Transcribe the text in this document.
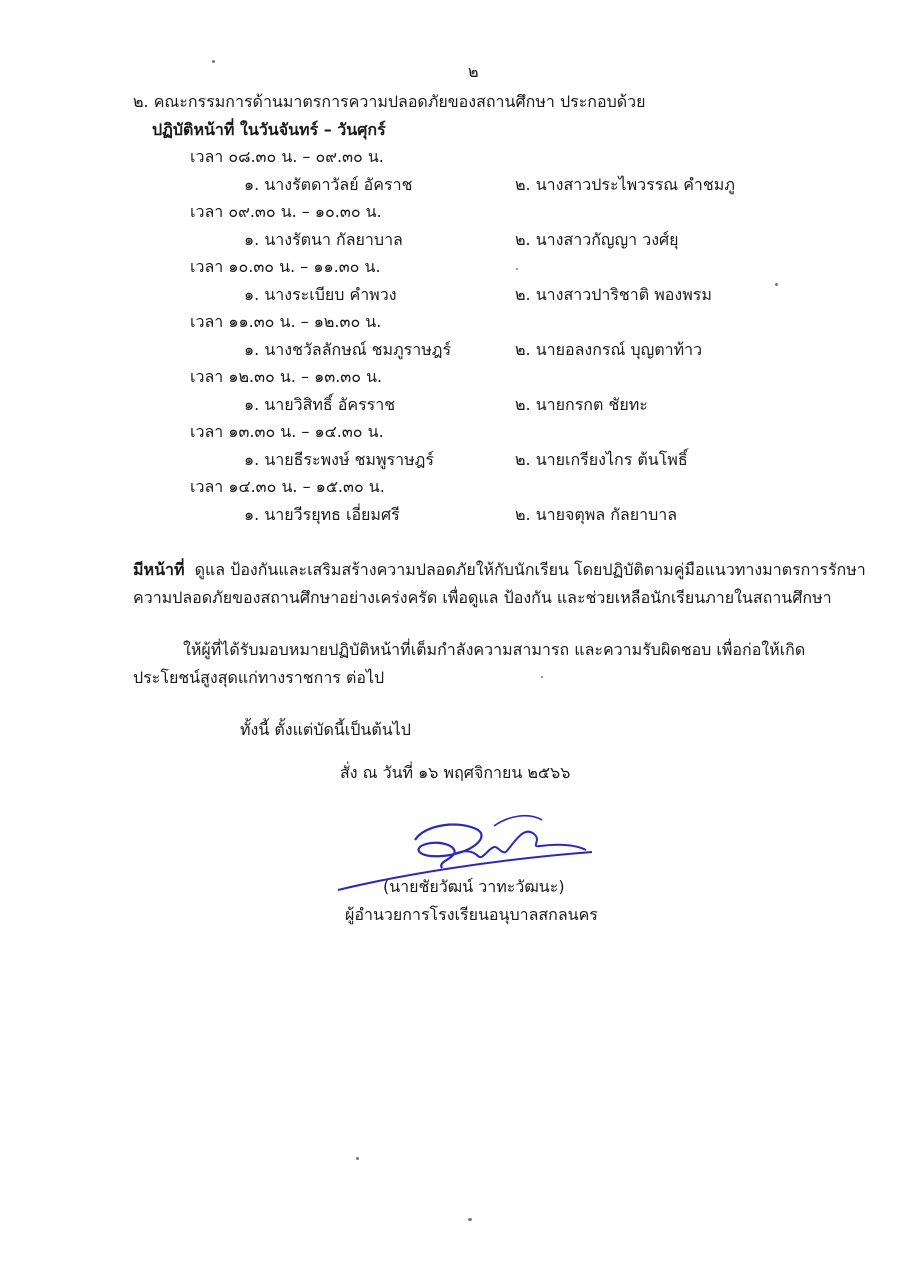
๒
๒. คณะกรรมการด้านมาตรการความปลอดภัยของสถานศึกษา ประกอบด้วย
ปฏิบัติหน้าที่ ในวันจันทร์ – วันศุกร์
เวลา ๐๘.๓๐ น. – ๐๙.๓๐ น.
๑. นางรัตดาวัลย์ อัคราช	๒. นางสาวประไพวรรณ คำชมภู
เวลา ๐๙.๓๐ น. – ๑๐.๓๐ น.
๑. นางรัตนา กัลยาบาล	๒. นางสาวกัญญา วงศ์ยุ
เวลา ๑๐.๓๐ น. – ๑๑.๓๐ น.
๑. นางระเบียบ คำพวง	๒. นางสาวปาริชาติ พองพรม
เวลา ๑๑.๓๐ น. – ๑๒.๓๐ น.
๑. นางชวัลลักษณ์ ชมภูราษฎร์	๒. นายอลงกรณ์ บุญตาท้าว
เวลา ๑๒.๓๐ น. – ๑๓.๓๐ น.
๑. นายวิสิทธิ์ อัครราช	๒. นายกรกต ชัยทะ
เวลา ๑๓.๓๐ น. – ๑๔.๓๐ น.
๑. นายธีระพงษ์ ชมพูราษฎร์	๒. นายเกรียงไกร ต้นโพธิ์
เวลา ๑๔.๓๐ น. – ๑๕.๓๐ น.
๑. นายวีรยุทธ เอี่ยมศรี	๒. นายจตุพล กัลยาบาล
มีหน้าที่ ดูแล ป้องกันและเสริมสร้างความปลอดภัยให้กับนักเรียน โดยปฏิบัติตามคู่มือแนวทางมาตรการรักษา
ความปลอดภัยของสถานศึกษาอย่างเคร่งครัด เพื่อดูแล ป้องกัน และช่วยเหลือนักเรียนภายในสถานศึกษา
ให้ผู้ที่ได้รับมอบหมายปฏิบัติหน้าที่เต็มกำลังความสามารถ และความรับผิดชอบ เพื่อก่อให้เกิด
ประโยชน์สูงสุดแก่ทางราชการ ต่อไป
ทั้งนี้ ตั้งแต่บัดนี้เป็นต้นไป
สั่ง ณ วันที่ ๑๖ พฤศจิกายน ๒๕๖๖
(นายชัยวัฒน์ วาทะวัฒนะ)
ผู้อำนวยการโรงเรียนอนุบาลสกลนคร
